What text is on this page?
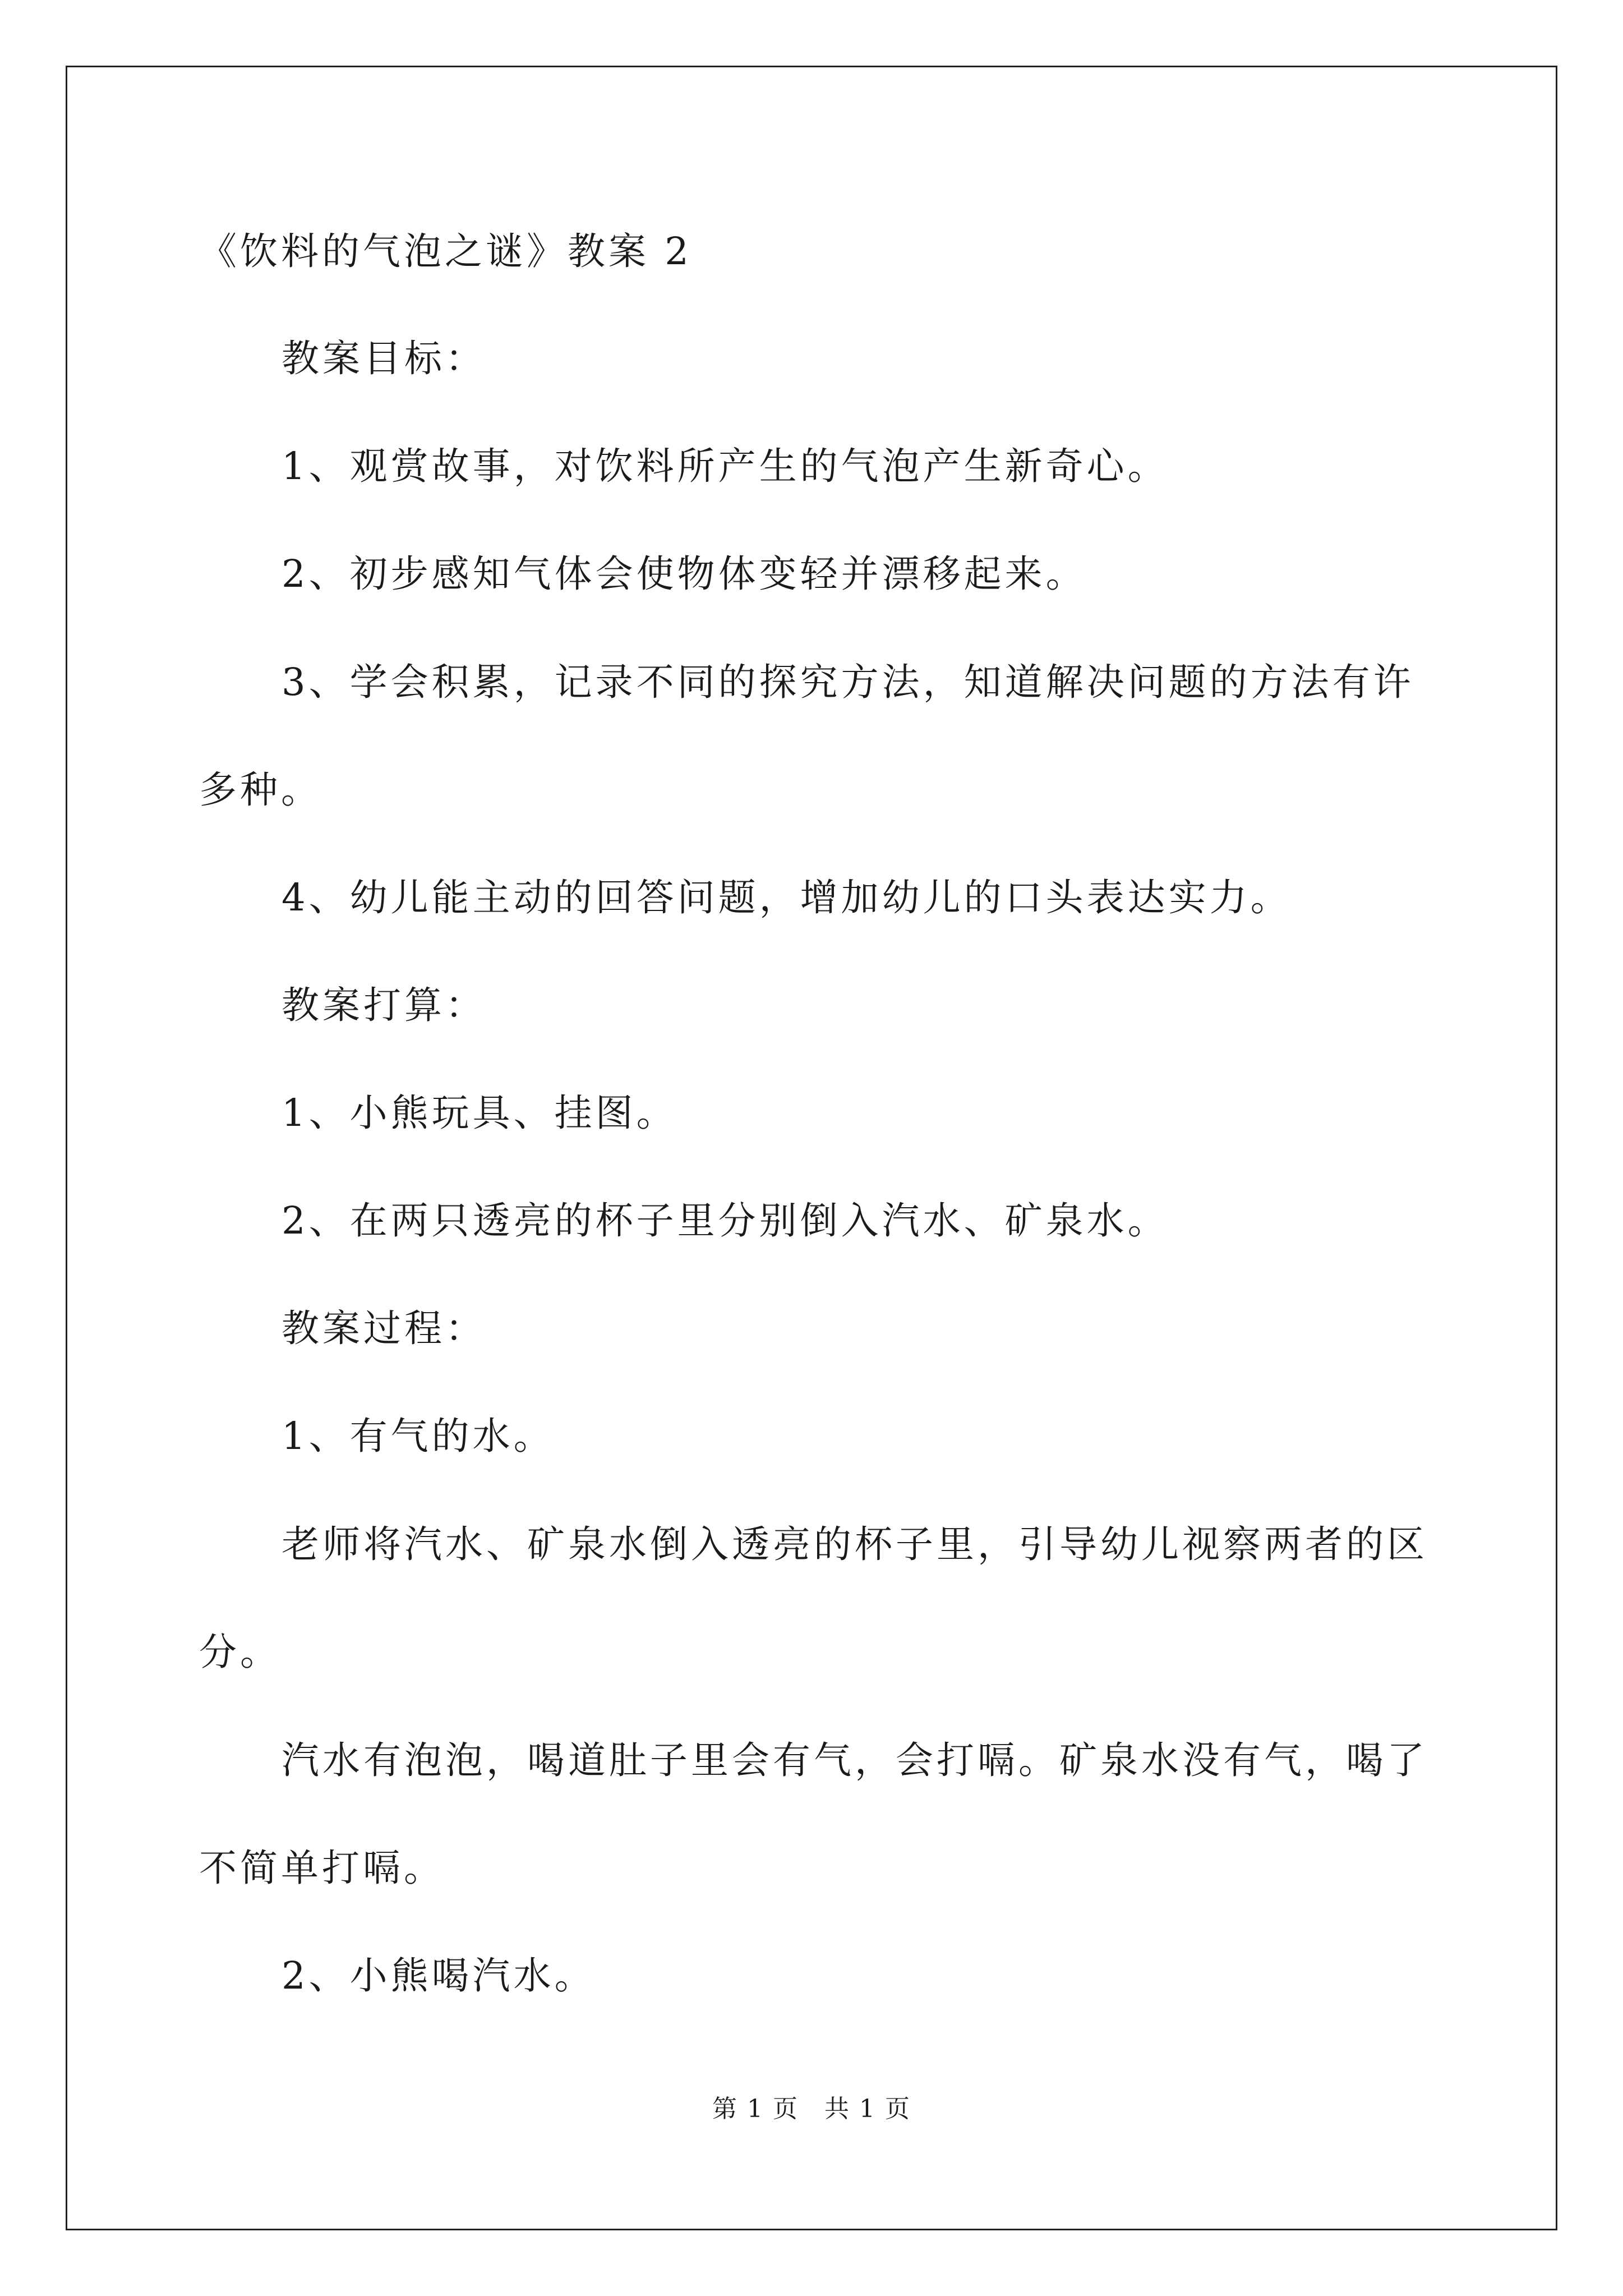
《饮料的气泡之谜》教案 2

教案目标：

1、观赏故事，对饮料所产生的气泡产生新奇心。

2、初步感知气体会使物体变轻并漂移起来。

3、学会积累，记录不同的探究方法，知道解决问题的方法有许多种。

4、幼儿能主动的回答问题，增加幼儿的口头表达实力。

教案打算：

1、小熊玩具、挂图。

2、在两只透亮的杯子里分别倒入汽水、矿泉水。

教案过程：

1、有气的水。

老师将汽水、矿泉水倒入透亮的杯子里，引导幼儿视察两者的区分。

汽水有泡泡，喝道肚子里会有气，会打嗝。矿泉水没有气，喝了不简单打嗝。

2、小熊喝汽水。

第 1 页　共 1 页
